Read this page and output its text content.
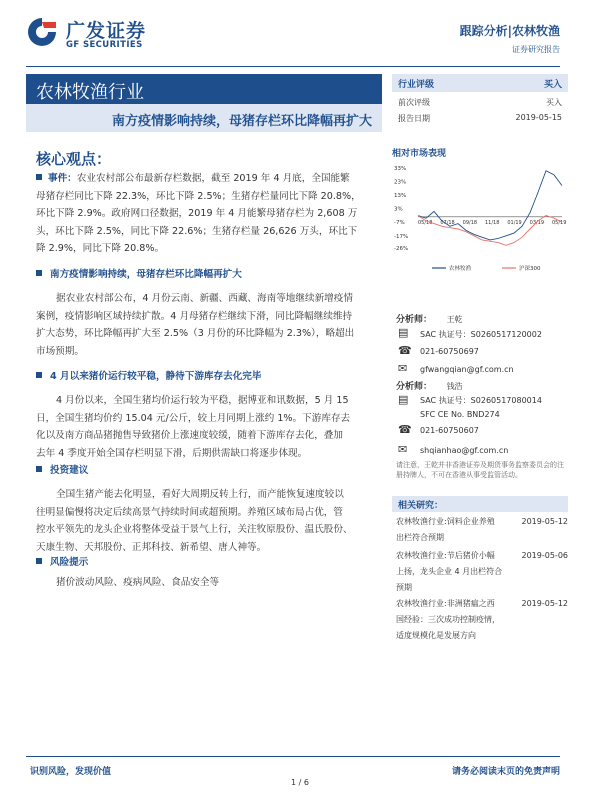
广发证券
GF SECURITIES
跟踪分析|农林牧渔
证券研究报告
农林牧渔行业
南方疫情影响持续，母猪存栏环比降幅再扩大
行业评级	买入
前次评级	买入
报告日期	2019-05-15
相对市场表现
33%
23%
13%
3%
-7%
-17%
-26%
05/18 07/18 09/18 11/18 01/19 03/19 05/19
农林牧渔	沪深300
核心观点：
事件：农业农村部公布最新存栏数据，截至 2019 年 4 月底，全国能繁
母猪存栏同比下降 22.3%，环比下降 2.5%；生猪存栏量同比下降 20.8%，
环比下降 2.9%。政府网口径数据，2019 年 4 月能繁母猪存栏为 2,608 万
头，环比下降 2.5%，同比下降 22.6%；生猪存栏量 26,626 万头，环比下
降 2.9%，同比下降 20.8%。
南方疫情影响持续，母猪存栏环比降幅再扩大
据农业农村部公布，4 月份云南、新疆、西藏、海南等地继续新增疫情
案例，疫情影响区域持续扩散。4 月母猪存栏继续下滑，同比降幅继续维持
扩大态势，环比降幅再扩大至 2.5%（3 月份的环比降幅为 2.3%），略超出
市场预期。
4 月以来猪价运行较平稳，静待下游库存去化完毕
4 月份以来，全国生猪均价运行较为平稳，据博亚和讯数据，5 月 15
日，全国生猪均价约 15.04 元/公斤，较上月同期上涨约 1%。下游库存去
化以及南方商品猪抛售导致猪价上涨速度较缓，随着下游库存去化，叠加
去年 4 季度开始全国存栏明显下滑，后期供需缺口将逐步体现。
投资建议
全国生猪产能去化明显，看好大周期反转上行，而产能恢复速度较以
往明显偏慢将决定后续高景气持续时间或超预期。养殖区域布局占优，管
控水平领先的龙头企业将整体受益于景气上行，关注牧原股份、温氏股份、
天康生物、天邦股份、正邦科技、新希望、唐人神等。
风险提示
猪价波动风险、疫病风险、食品安全等
分析师： 王乾
▤ SAC 执证号：S0260517120002
☎ 021-60750697
✉ gfwangqian@gf.com.cn
分析师： 钱浩
▤ SAC 执证号：S0260517080014
SFC CE No. BND274
☎ 021-60750607
✉ shqianhao@gf.com.cn
请注意，王乾并非香港证券及期货事务监察委员会的注册持牌人，不可在香港从事受监管活动。
相关研究：
农林牧渔行业:饲料企业养殖
出栏符合预期
2019-05-12
农林牧渔行业:节后猪价小幅
上扬，龙头企业 4 月出栏符合
预期
2019-05-06
农林牧渔行业:非洲猪瘟之西
国经验：三次成功控制疫情，
适度规模化是发展方向
2019-05-12
识别风险，发现价值	请务必阅读末页的免责声明
1 / 6
